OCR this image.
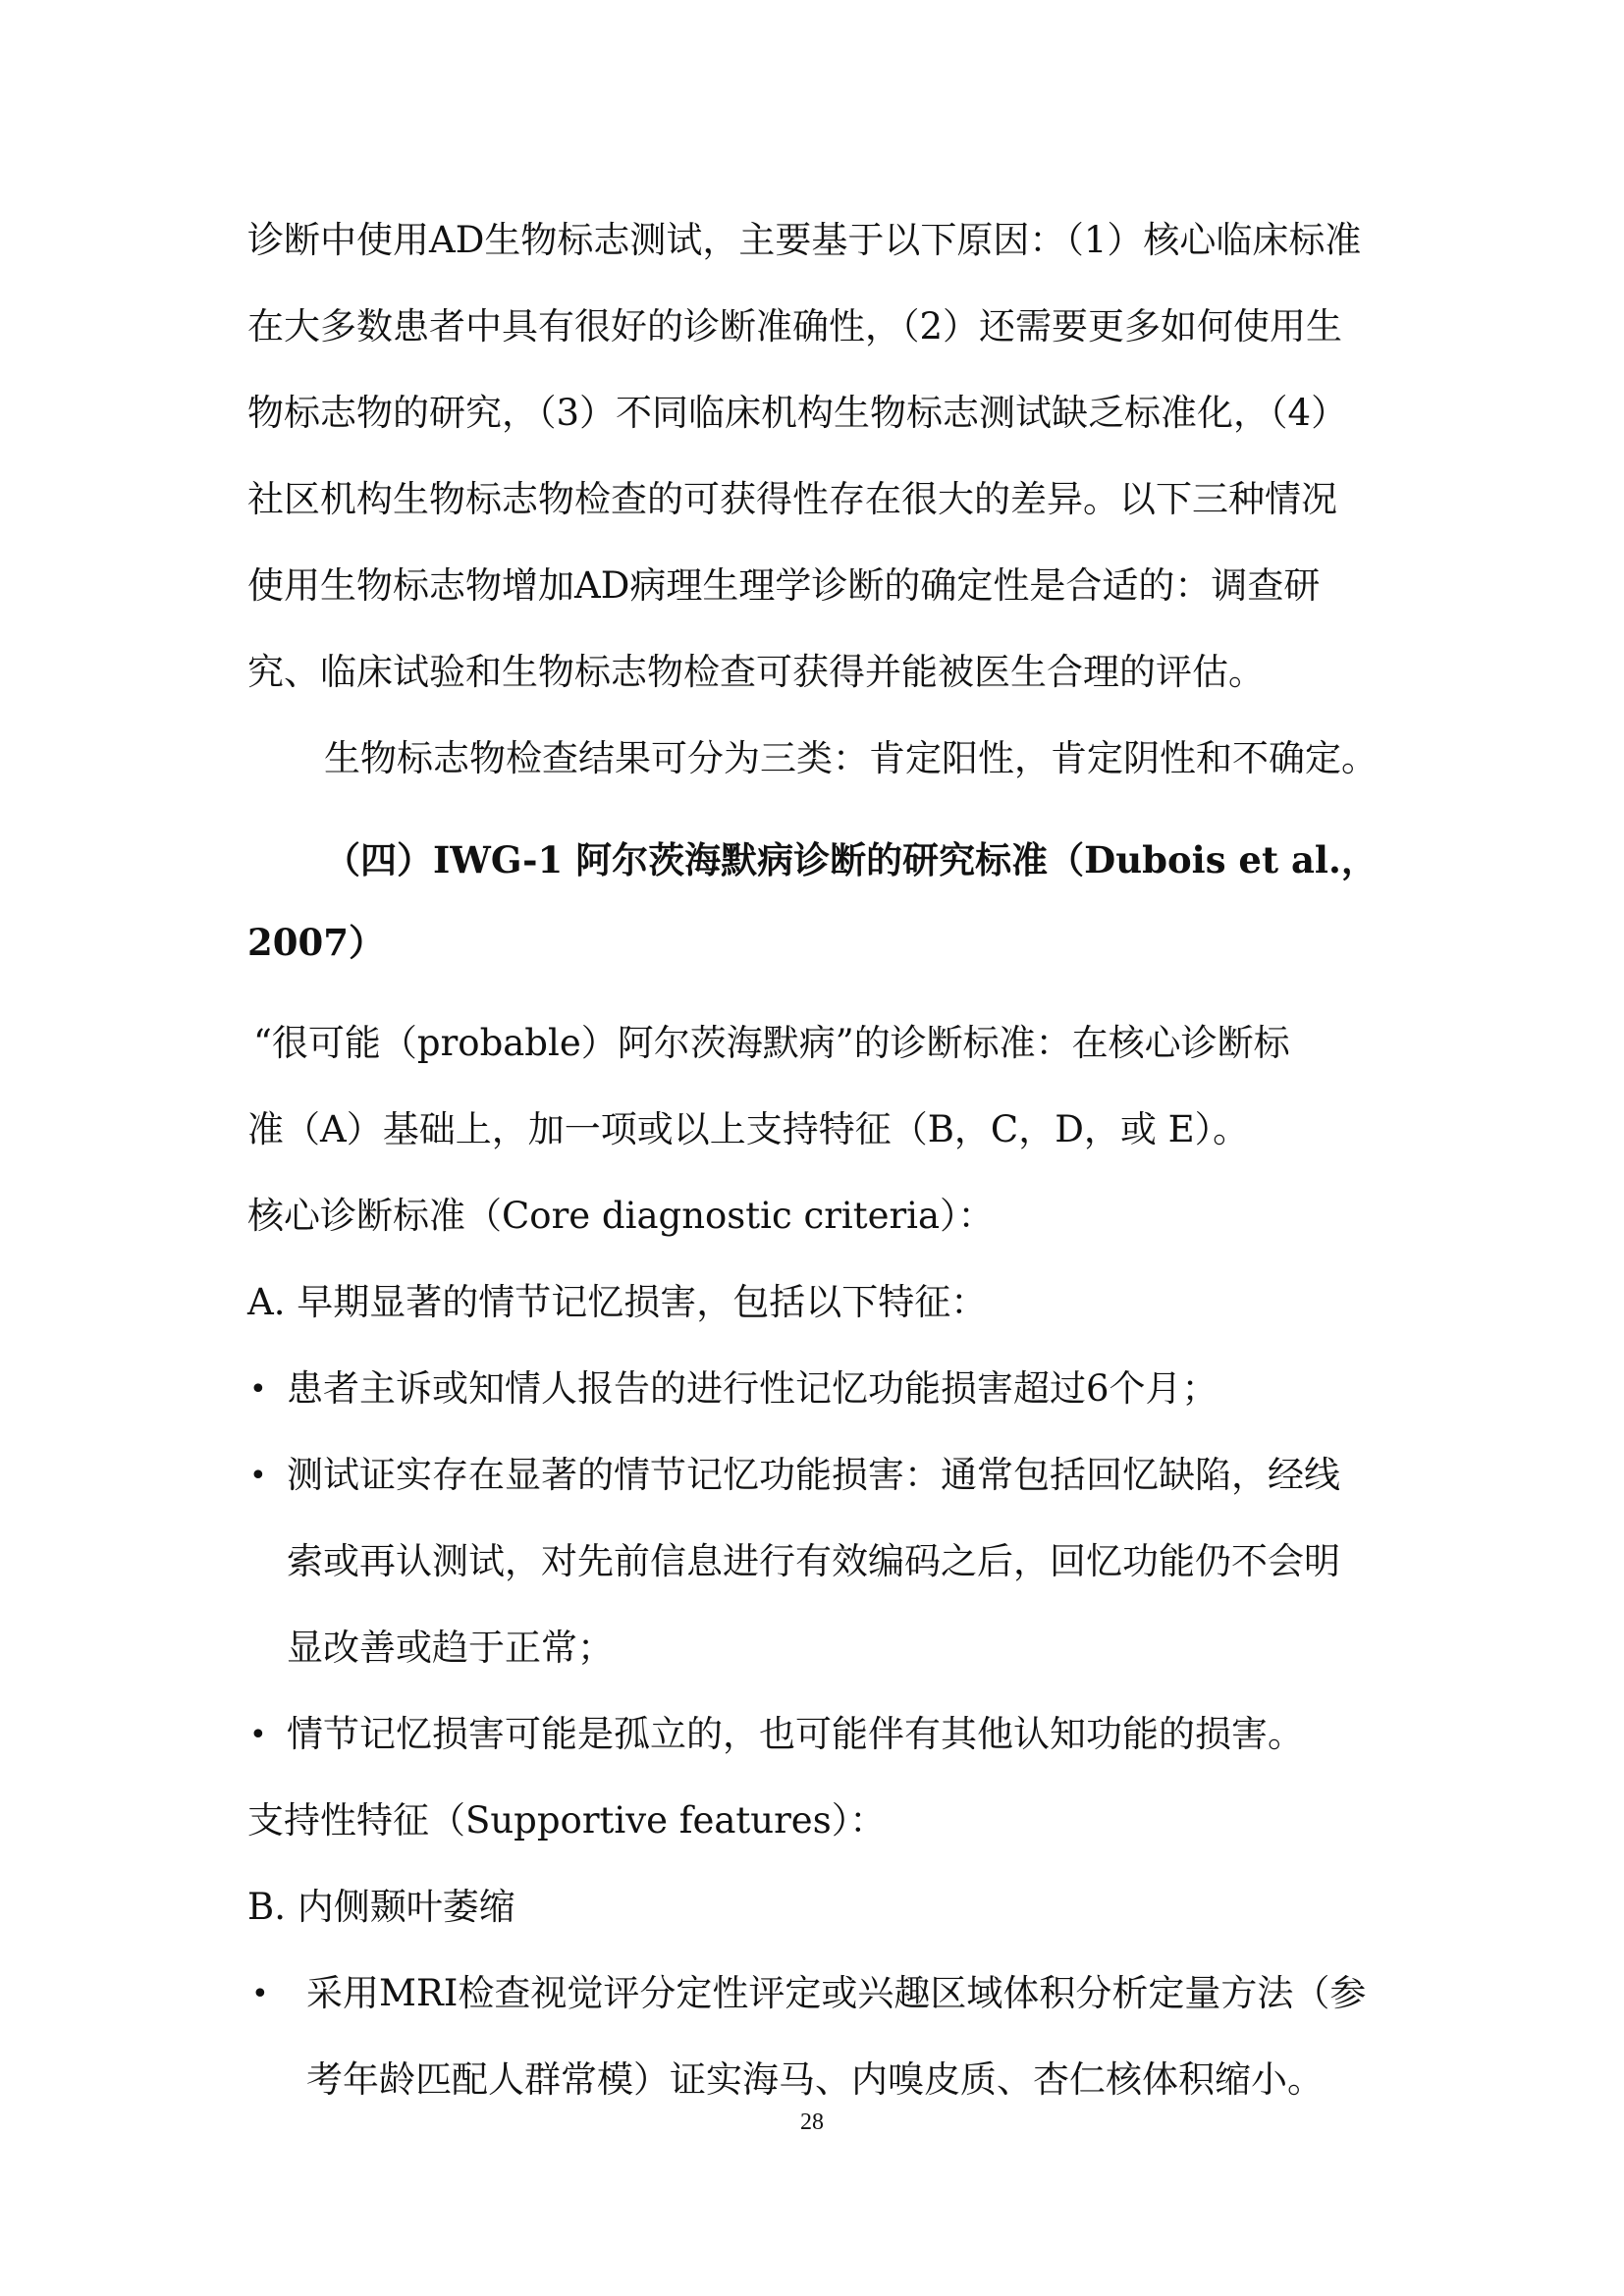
诊断中使用AD生物标志测试，主要基于以下原因：（1）核心临床标准
在大多数患者中具有很好的诊断准确性，（2）还需要更多如何使用生
物标志物的研究，（3）不同临床机构生物标志测试缺乏标准化，（4）
社区机构生物标志物检查的可获得性存在很大的差异。以下三种情况
使用生物标志物增加AD病理生理学诊断的确定性是合适的：调查研
究、临床试验和生物标志物检查可获得并能被医生合理的评估。
生物标志物检查结果可分为三类：肯定阳性，肯定阴性和不确定。
（四）IWG-1 阿尔茨海默病诊断的研究标准（Dubois et al.，
2007）
“很可能（probable）阿尔茨海默病”的诊断标准：在核心诊断标
准（A）基础上，加一项或以上支持特征（B，C，D，或 E）。
核心诊断标准（Core diagnostic criteria）：
A. 早期显著的情节记忆损害，包括以下特征：
• 患者主诉或知情人报告的进行性记忆功能损害超过6个月；
• 测试证实存在显著的情节记忆功能损害：通常包括回忆缺陷，经线
索或再认测试，对先前信息进行有效编码之后，回忆功能仍不会明
显改善或趋于正常；
• 情节记忆损害可能是孤立的，也可能伴有其他认知功能的损害。
支持性特征（Supportive features）：
B. 内侧颞叶萎缩
• 采用MRI检查视觉评分定性评定或兴趣区域体积分析定量方法（参
考年龄匹配人群常模）证实海马、内嗅皮质、杏仁核体积缩小。
28
